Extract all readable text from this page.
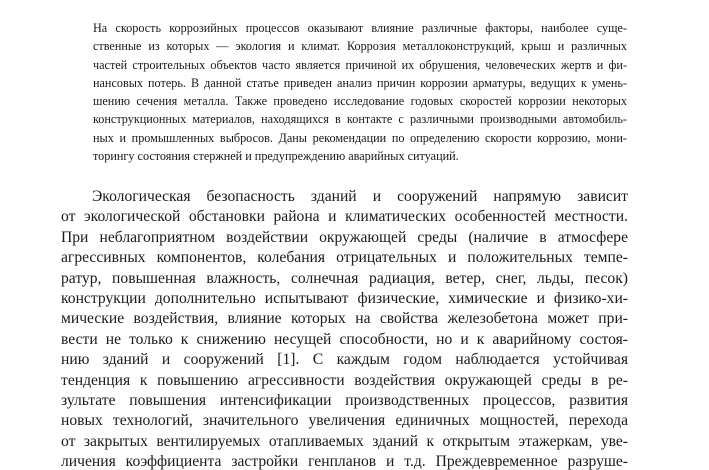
На скорость коррозийных процессов оказывают влияние различные факторы, наиболее суще-
ственные из которых — экология и климат. Коррозия металлоконструкций, крыш и различных
частей строительных объектов часто является причиной их обрушения, человеческих жертв и фи-
нансовых потерь. В данной статье приведен анализ причин коррозии арматуры, ведущих к умень-
шению сечения металла. Также проведено исследование годовых скоростей коррозии некоторых
конструкционных материалов, находящихся в контакте с различными производными автомобиль-
ных и промышленных выбросов. Даны рекомендации по определению скорости коррозию, мони-
торингу состояния стержней и предупреждению аварийных ситуаций.
Экологическая безопасность зданий и сооружений напрямую зависит
от экологической обстановки района и климатических особенностей местности.
При неблагоприятном воздействии окружающей среды (наличие в атмосфере
агрессивных компонентов, колебания отрицательных и положительных темпе-
ратур, повышенная влажность, солнечная радиация, ветер, снег, льды, песок)
конструкции дополнительно испытывают физические, химические и физико-хи-
мические воздействия, влияние которых на свойства железобетона может при-
вести не только к снижению несущей способности, но и к аварийному состоя-
нию зданий и сооружений [1]. С каждым годом наблюдается устойчивая
тенденция к повышению агрессивности воздействия окружающей среды в ре-
зультате повышения интенсификации производственных процессов, развития
новых технологий, значительного увеличения единичных мощностей, перехода
от закрытых вентилируемых отапливаемых зданий к открытым этажеркам, уве-
личения коэффициента застройки генпланов и т.д. Преждевременное разруше-
